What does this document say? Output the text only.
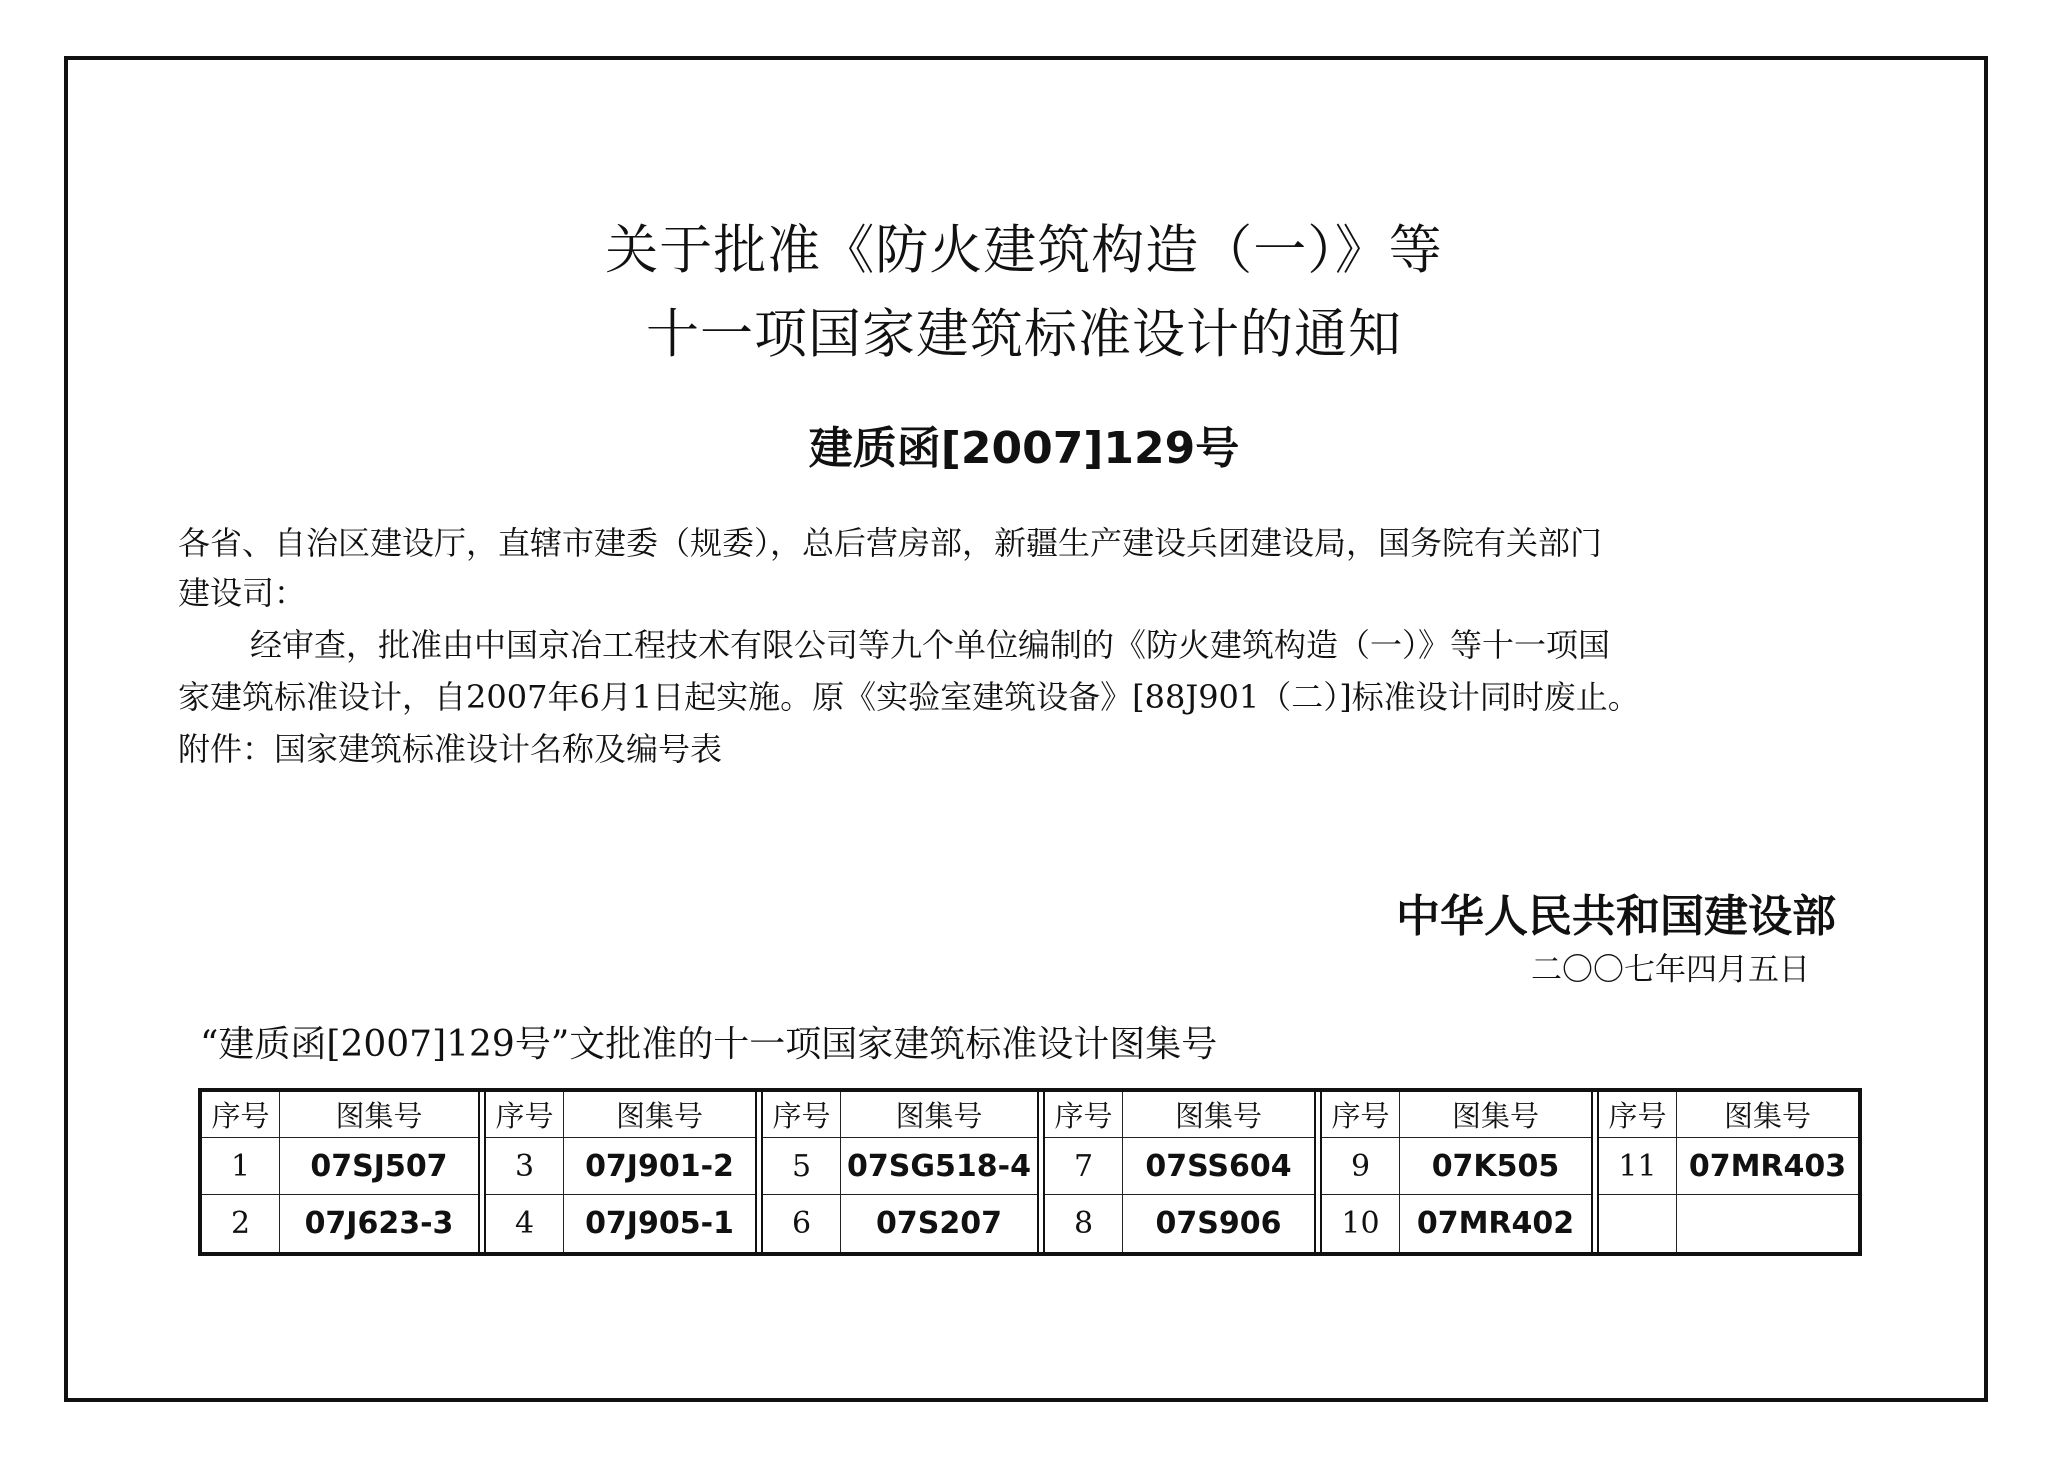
关于批准《防火建筑构造（一）》等
十一项国家建筑标准设计的通知
建质函[2007]129号
各省、自治区建设厅，直辖市建委（规委），总后营房部，新疆生产建设兵团建设局，国务院有关部门
建设司：
经审查，批准由中国京冶工程技术有限公司等九个单位编制的《防火建筑构造（一）》等十一项国
家建筑标准设计，自2007年6月1日起实施。原《实验室建筑设备》[88J901（二）]标准设计同时废止。
附件：国家建筑标准设计名称及编号表
中华人民共和国建设部
二〇〇七年四月五日
“建质函[2007]129号”文批准的十一项国家建筑标准设计图集号
序号	图集号
1	07SJ507
2	07J623-3
序号	图集号
3	07J901-2
4	07J905-1
序号	图集号
5	07SG518-4
6	07S207
序号	图集号
7	07SS604
8	07S906
序号	图集号
9	07K505
10	07MR402
序号	图集号
11	07MR403
